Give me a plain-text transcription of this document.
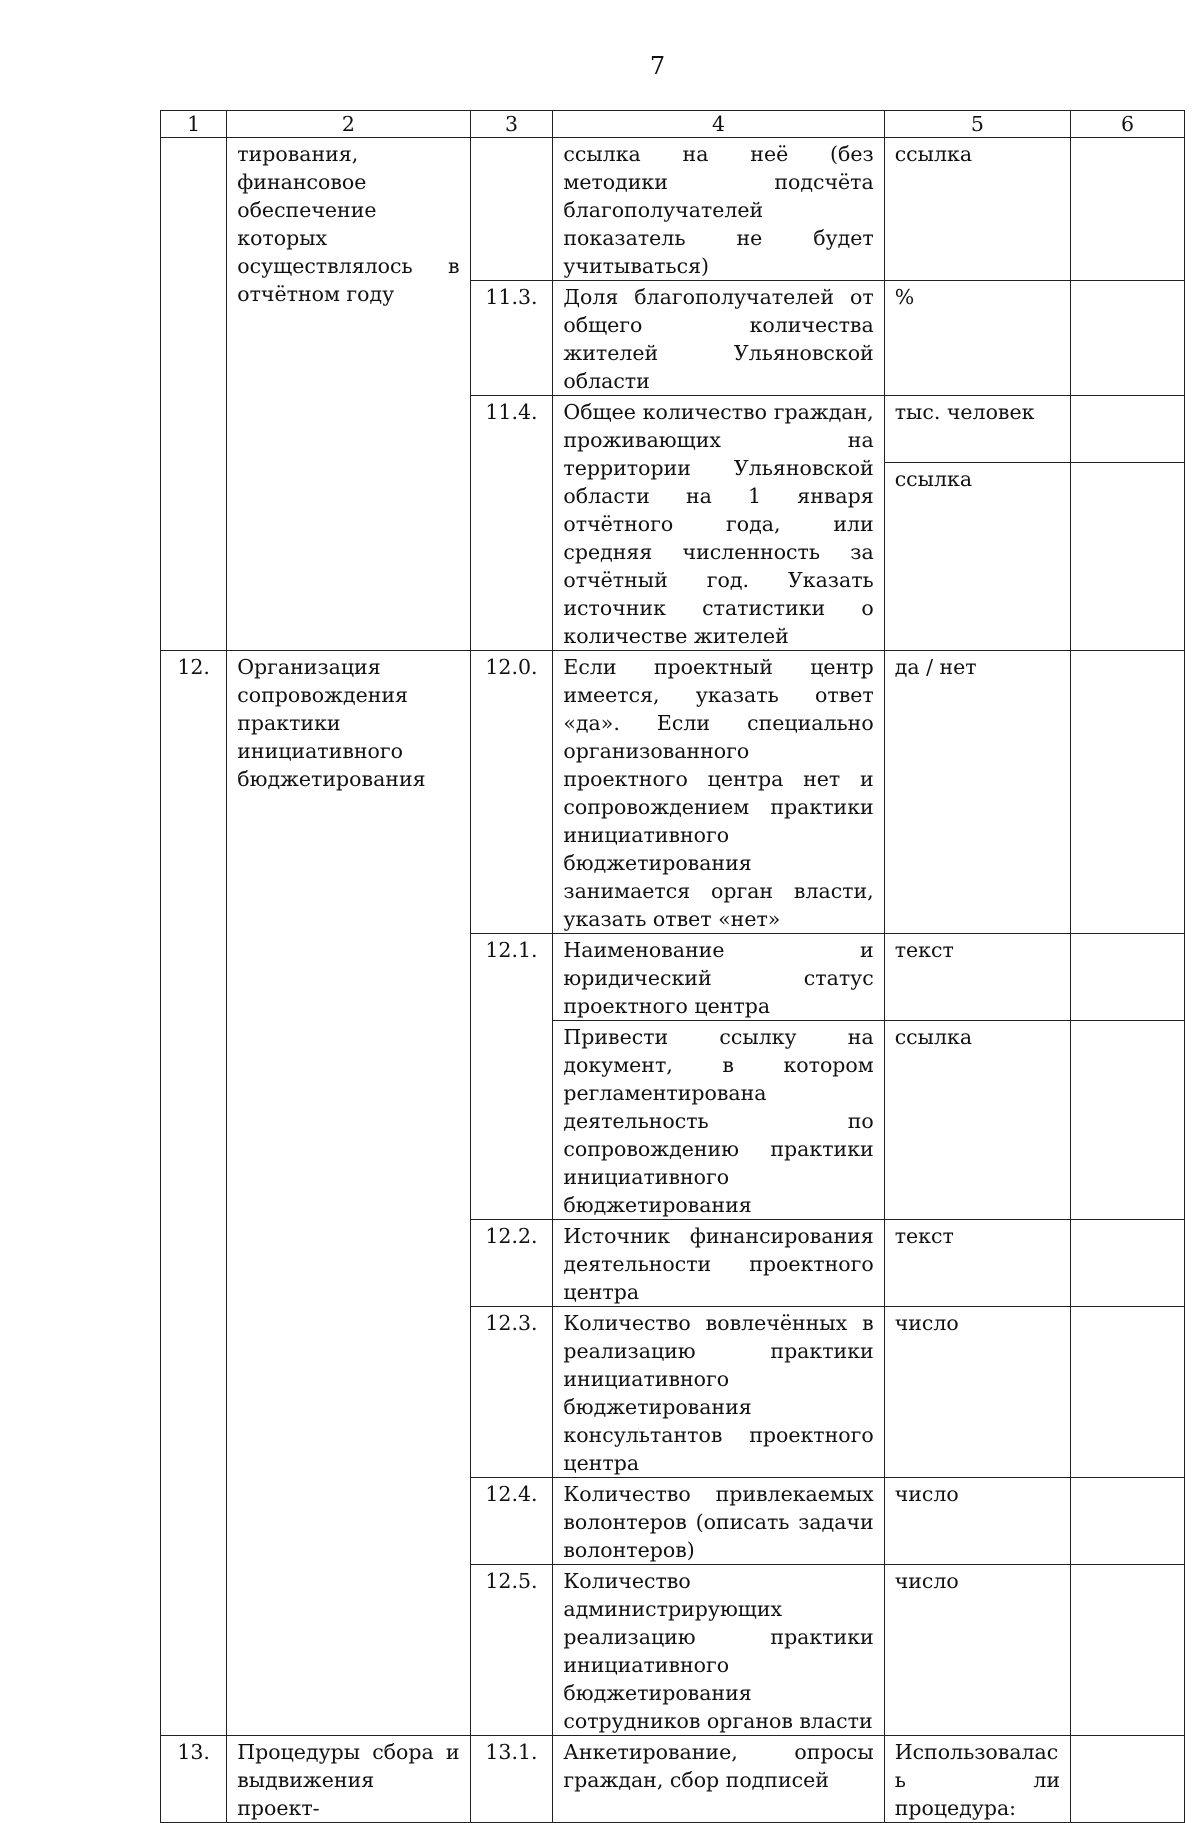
7
1	2	3	4	5	6
	тирования, финансовое обеспечение которых осуществлялось в отчётном году		ссылка на неё (без методики подсчёта благополучателей показатель не будет учитываться)	ссылка	
		11.3.	Доля благополучателей от общего количества жителей Ульяновской области	%	
		11.4.	Общее количество граждан, проживающих на территории Ульяновской области на 1 января отчётного года, или средняя численность за отчётный год. Указать источник статистики о количестве жителей	тыс. человек	
				ссылка	
12.	Организация сопровождения практики инициативного бюджетирования	12.0.	Если проектный центр имеется, указать ответ «да». Если специально организованного проектного центра нет и сопровождением практики инициативного бюджетирования занимается орган власти, указать ответ «нет»	да / нет	
		12.1.	Наименование и юридический статус проектного центра	текст	
			Привести ссылку на документ, в котором регламентирована деятельность по сопровождению практики инициативного бюджетирования	ссылка	
		12.2.	Источник финансирования деятельности проектного центра	текст	
		12.3.	Количество вовлечённых в реализацию практики инициативного бюджетирования консультантов проектного центра	число	
		12.4.	Количество привлекаемых волонтеров (описать задачи волонтеров)	число	
		12.5.	Количество администрирующих реализацию практики инициативного бюджетирования сотрудников органов власти	число	
13.	Процедуры сбора и выдвижения проект-	13.1.	Анкетирование, опросы граждан, сбор подписей	Использовалась ли процедура:	
